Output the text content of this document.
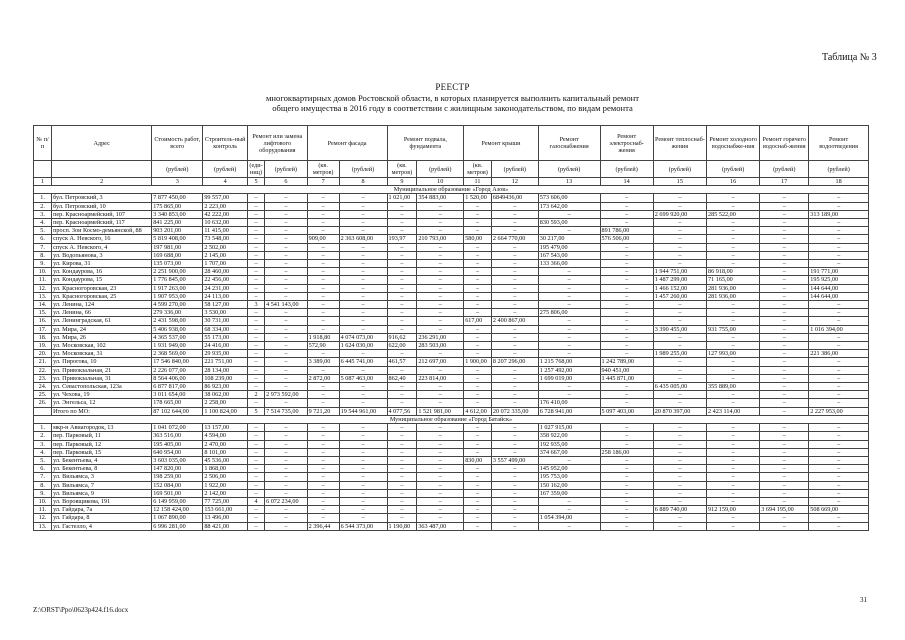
Таблица № 3
РЕЕСТР
многоквартирных домов Ростовской области, в которых планируется выполнить капитальный ремонт
общего имущества в 2016 году в соответствии с жилищным законодательством, по видам ремонта
№ п/п	Адрес	Стоимость работ, всего	Строитель-ный контроль	Ремонт или замена лифтового оборудования		Ремонт фасада		Ремонт подвала, фундамента		Ремонт крыши		Ремонт газоснабжения	Ремонт электроснаб-жения	Ремонт теплоснаб-жения	Ремонт холодного водоснабже-ния	Ремонт горячего водоснаб-жения	Ремонт водоотведения
		(рублей)	(рублей)	(еди-ниц)	(рублей)	(кв. метров)	(рублей)	(кв. метров)	(рублей)	(кв. метров)	(рублей)	(рублей)	(рублей)	(рублей)	(рублей)	(рублей)	(рублей)
1	2	3	4	5	6	7	8	9	10	11	12	13	14	15	16	17	18
Муниципальное образование «Город Азов»																	
1.	бул. Петровский, 3	7 877 450,00	99 557,00	–	–	–	–	1 021,00	354 883,00	1 520,00	6849436,00	573 606,00	–	–	–	–	–
2.	бул. Петровский, 10	175 865,00	2 223,00	–	–	–	–	–	–	–	–	173 642,00	–	–	–	–	–
3.	пер. Красноармейский, 107	3 340 853,00	42 222,00	–	–	–	–	–	–	–	–	–	–	2 699 920,00	285 522,00	–	313 189,00
4.	пер. Красноармейский, 117	841 225,00	10 632,00	–	–	–	–	–	–	–	–	830 593,00	–	–	–	–	–
5.	просп. Зои Космо-демьянской, 88	903 201,00	11 415,00	–	–	–	–	–	–	–	–	–	891 786,00	–	–	–	–
6.	спуск А. Невского, 16	5 819 408,00	73 548,00	–	–	909,00	2 363 608,00	193,97	210 793,00	580,00	2 664 770,00	30 217,00	576 506,00	–	–	–	–
7.	спуск А. Невского, 4	197 981,00	2 502,00	–	–	–	–	–	–	–	–	195 479,00	–	–	–	–	–
8.	ул. Водопьянова, 3	169 688,00	2 145,00	–	–	–	–	–	–	–	–	167 543,00	–	–	–	–	–
9.	ул. Кирова, 31	135 073,00	1 707,00	–	–	–	–	–	–	–	–	133 366,00	–	–	–	–	–
10.	ул. Кондаурова, 16	2 251 900,00	28 460,00	–	–	–	–	–	–	–	–	–	–	1 944 751,00	86 918,00	–	191 771,00
11.	ул. Кондаурова, 15	1 776 845,00	22 456,00	–	–	–	–	–	–	–	–	–	–	1 487 299,00	71 165,00	–	195 925,00
12.	ул. Красногоровская, 23	1 917 263,00	24 231,00	–	–	–	–	–	–	–	–	–	–	1 466 152,00	281 936,00	–	144 644,00
13.	ул. Красногоровская, 25	1 907 953,00	24 113,00	–	–	–	–	–	–	–	–	–	–	1 457 260,00	281 936,00	–	144 644,00
14.	ул. Ленина, 124	4 599 270,00	58 127,00	3	4 541 143,00	–	–	–	–	–	–	–	–	–	–	–	–
15.	ул. Ленина, 66	279 336,00	3 530,00	–	–	–	–	–	–	–	–	275 806,00	–	–	–	–	–
16.	ул. Ленинградская, 61	2 431 598,00	30 731,00	–	–	–	–	–	–	617,00	2 400 867,00	–	–	–	–	–	–
17.	ул. Мира, 24	5 406 938,00	68 334,00	–	–	–	–	–	–	–	–	–	–	3 390 455,00	931 755,00	–	1 016 394,00
18.	ул. Мира, 26	4 365 537,00	55 173,00	–	–	1 918,80	4 074 073,00	916,62	236 291,00	–	–	–	–	–	–	–	–
19.	ул. Московская, 102	1 931 949,00	24 416,00	–	–	572,90	1 624 030,00	622,00	283 503,00	–	–	–	–	–	–	–	–
20.	ул. Московская, 31	2 368 569,00	29 935,00	–	–	–	–	–	–	–	–	–	–	1 989 255,00	127 993,00	–	221 386,00
21.	ул. Пирогова, 10	17 546 840,00	221 751,00	–	–	3 389,00	6 445 741,00	461,57	212 697,00	1 900,00	8 207 296,00	1 215 768,00	1 242 789,00	–	–	–	–
22.	ул. Привокзальная, 21	2 226 077,00	28 134,00	–	–	–	–	–	–	–	–	1 257 492,00	940 451,00	–	–	–	–
23.	ул. Привокзальная, 31	8 564 406,00	108 239,00	–	–	2 872,00	5 087 463,00	862,40	223 814,00	–	–	1 699 019,00	1 445 871,00	–	–	–	–
24.	ул. Севастопольская, 123а	6 877 817,00	86 923,00	–	–	–	–	–	–	–	–	–	–	6 435 005,00	355 889,00	–	–
25.	ул. Чехова, 19	3 011 654,00	38 062,00	2	2 973 592,00	–	–	–	–	–	–	–	–	–	–	–	–
26.	ул. Энгельса, 12	178 665,00	2 258,00	–	–	–	–	–	–	–	–	176 410,00	–	–	–	–	–
	Итого по МО:	87 102 644,00	1 100 824,00	5	7 514 735,00	9 721,20	19 544 961,00	4 077,56	1 521 981,00	4 612,00	20 072 335,00	6 728 941,00	5 097 403,00	20 870 397,00	2 423 114,00	–	2 227 953,00
Муниципальное образование «Город Батайск»																	
1.	мкр-н Авиагородок, 13	1 041 072,00	13 157,00	–	–	–	–	–	–	–	–	1 027 915,00	–	–	–	–	–
2.	пер. Парковый, 11	363 516,00	4 594,00	–	–	–	–	–	–	–	–	358 922,00	–	–	–	–	–
3.	пер. Парковый, 12	195 405,00	2 470,00	–	–	–	–	–	–	–	–	192 935,00	–	–	–	–	–
4.	пер. Парковый, 15	640 954,00	8 101,00	–	–	–	–	–	–	–	–	374 667,00	258 186,00	–	–	–	–
5.	ул. Бекентьева, 4	3 603 035,00	45 536,00	–	–	–	–	–	–	830,00	3 557 499,00	–	–	–	–	–	–
6.	ул. Бекентьева, 8	147 820,00	1 868,00	–	–	–	–	–	–	–	–	145 952,00	–	–	–	–	–
7.	ул. Вильямса, 3	198 259,00	2 506,00	–	–	–	–	–	–	–	–	195 753,00	–	–	–	–	–
8.	ул. Вильямса, 7	152 084,00	1 922,00	–	–	–	–	–	–	–	–	150 162,00	–	–	–	–	–
9.	ул. Вильямса, 9	169 501,00	2 142,00	–	–	–	–	–	–	–	–	167 359,00	–	–	–	–	–
10.	ул. Воровщикова, 191	6 149 959,00	77 725,00	4	6 072 234,00	–	–	–	–	–	–	–	–	–	–	–	–
11.	ул. Гайдара, 7а	12 158 424,00	153 661,00	–	–	–	–	–	–	–	–	–	–	6 889 740,00	912 159,00	3 694 195,00	508 669,00
12.	ул. Гайдара, 8	1 067 890,00	13 496,00	–	–	–	–	–	–	–	–	1 054 394,00	–	–	–	–	–
13.	ул. Гастелло, 4	6 996 281,00	88 421,00	–	–	2 396,44	6 544 373,00	1 190,80	363 487,00	–	–	–	–	–	–	–	–
31
Z:\ORST\Ppo\0623p424.f16.docx
